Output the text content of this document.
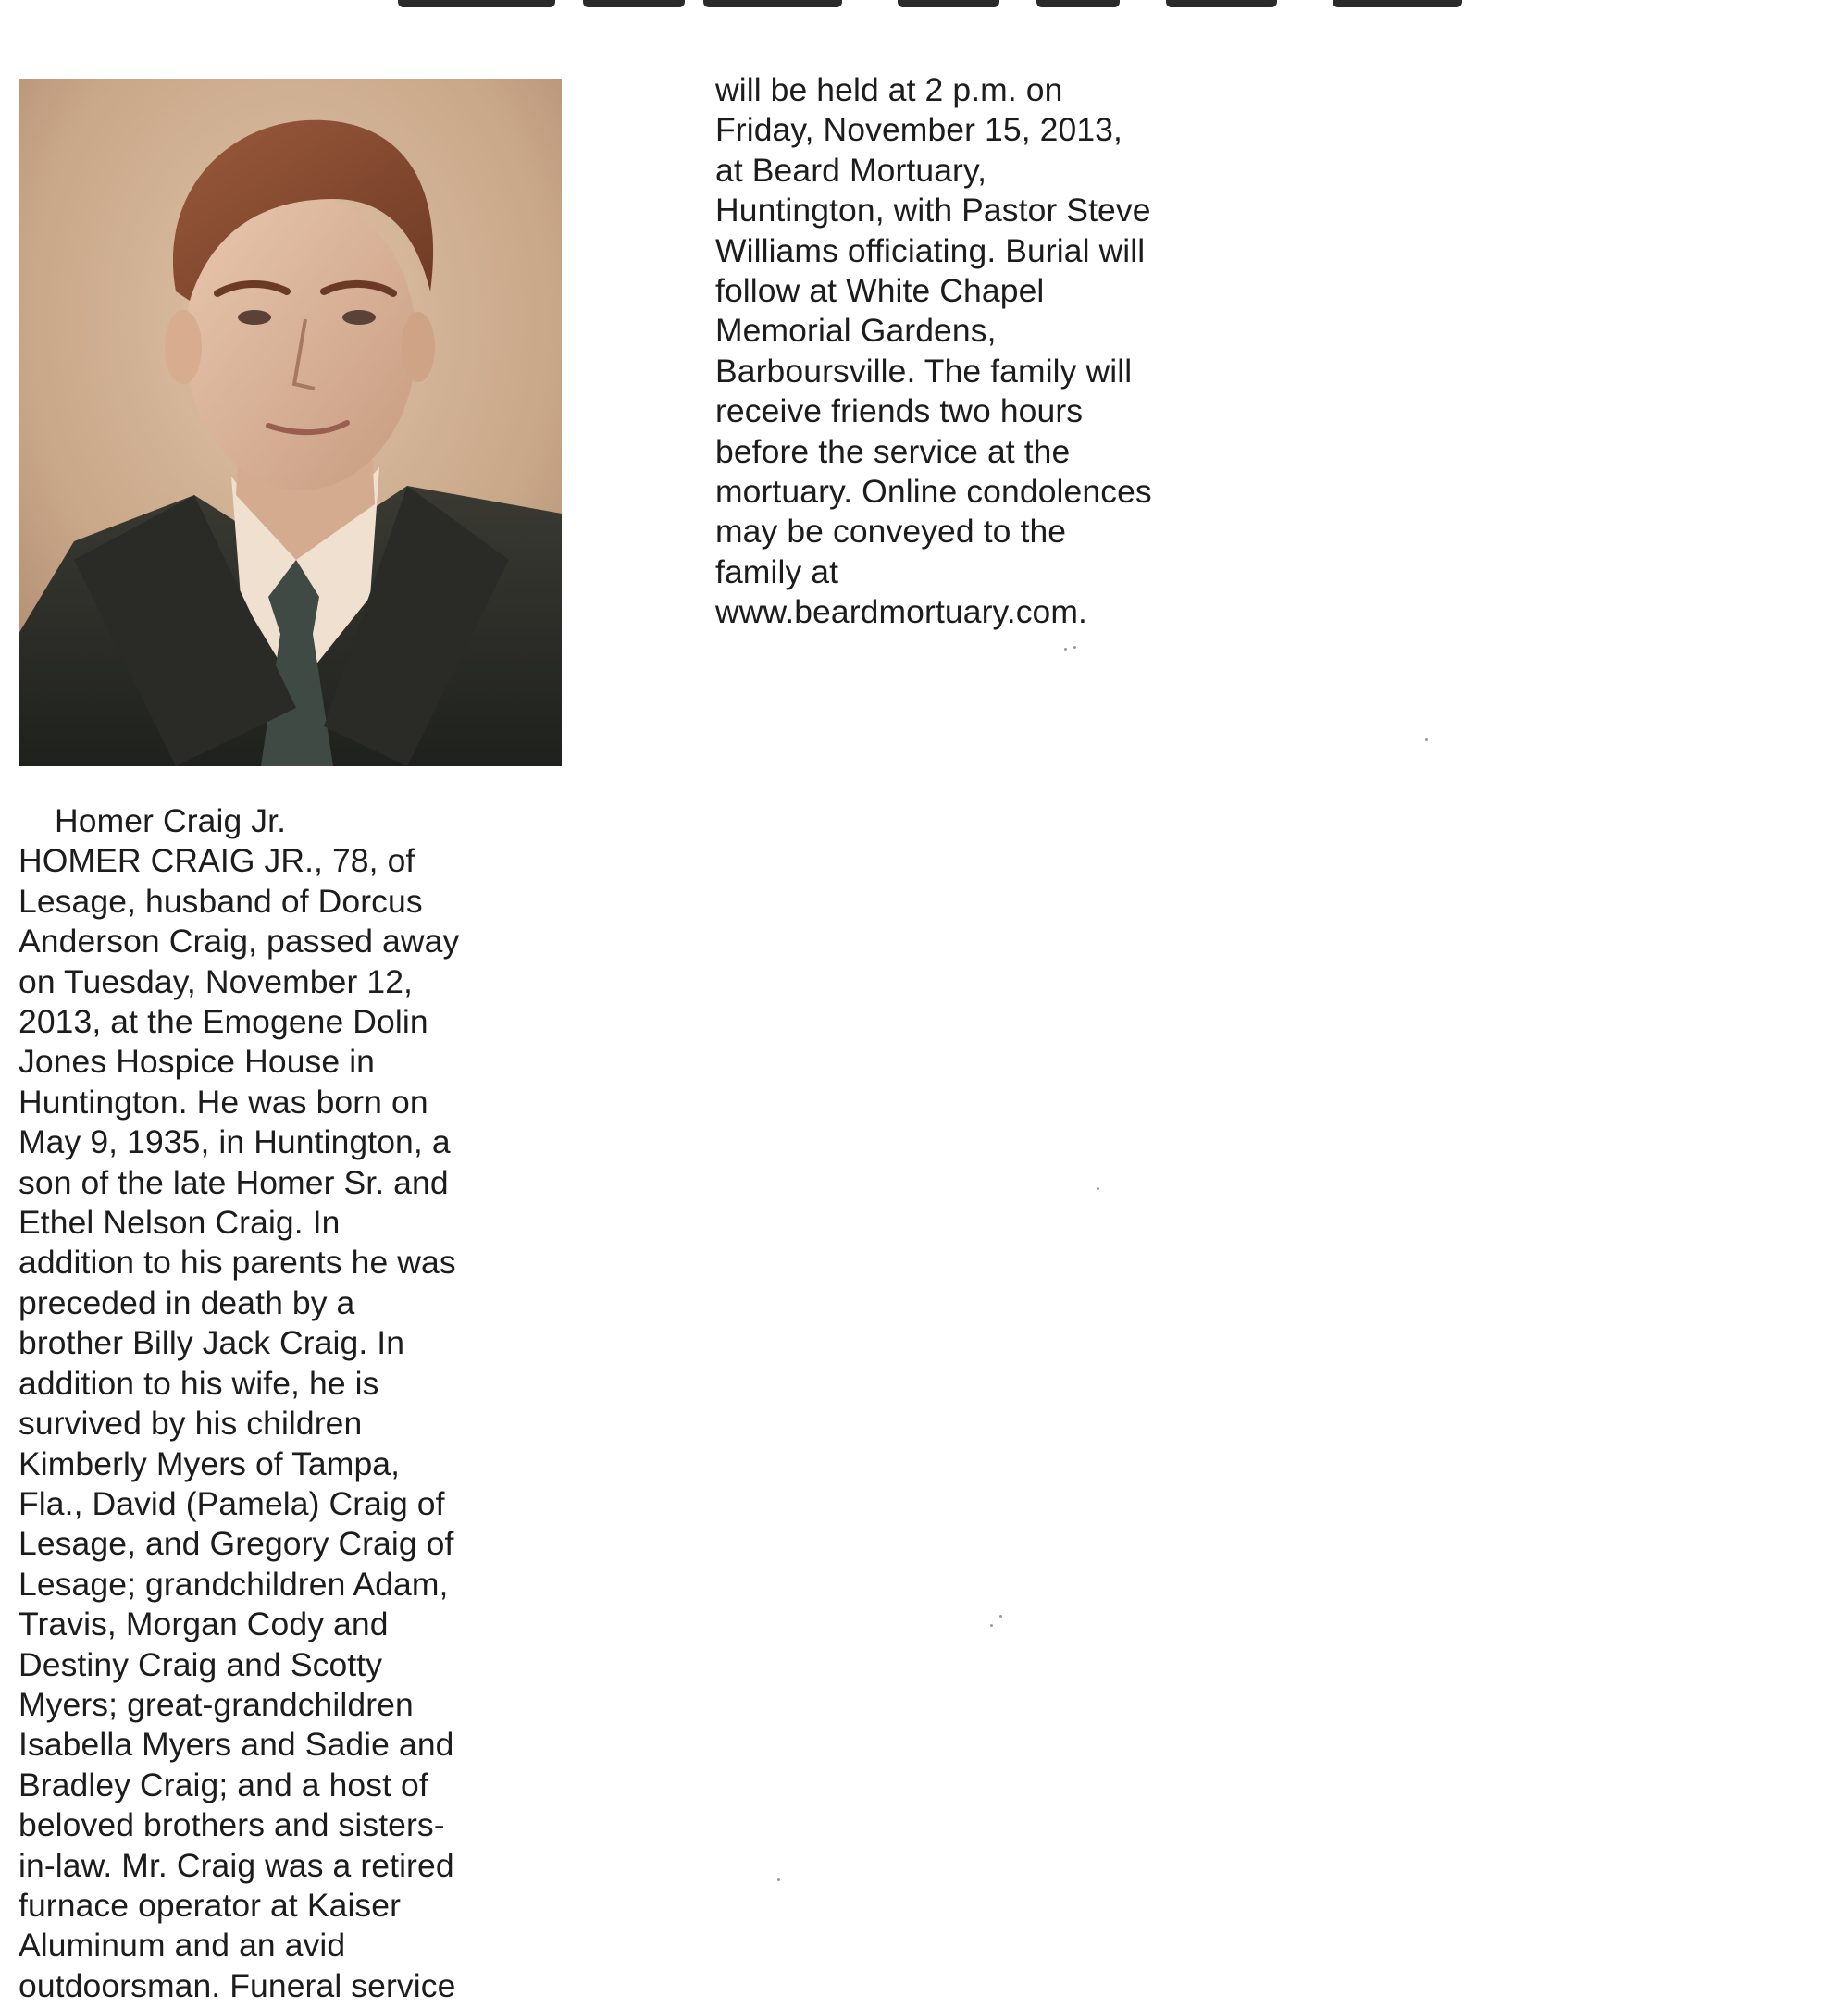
Homer Craig Jr.
HOMER CRAIG JR., 78, of
Lesage, husband of Dorcus
Anderson Craig, passed away
on Tuesday, November 12,
2013, at the Emogene Dolin
Jones Hospice House in
Huntington. He was born on
May 9, 1935, in Huntington, a
son of the late Homer Sr. and
Ethel Nelson Craig. In
addition to his parents he was
preceded in death by a
brother Billy Jack Craig. In
addition to his wife, he is
survived by his children
Kimberly Myers of Tampa,
Fla., David (Pamela) Craig of
Lesage, and Gregory Craig of
Lesage; grandchildren Adam,
Travis, Morgan Cody and
Destiny Craig and Scotty
Myers; great-grandchildren
Isabella Myers and Sadie and
Bradley Craig; and a host of
beloved brothers and sisters-
in-law. Mr. Craig was a retired
furnace operator at Kaiser
Aluminum and an avid
outdoorsman. Funeral service
will be held at 2 p.m. on
Friday, November 15, 2013,
at Beard Mortuary,
Huntington, with Pastor Steve
Williams officiating. Burial will
follow at White Chapel
Memorial Gardens,
Barboursville. The family will
receive friends two hours
before the service at the
mortuary. Online condolences
may be conveyed to the
family at
www.beardmortuary.com.
